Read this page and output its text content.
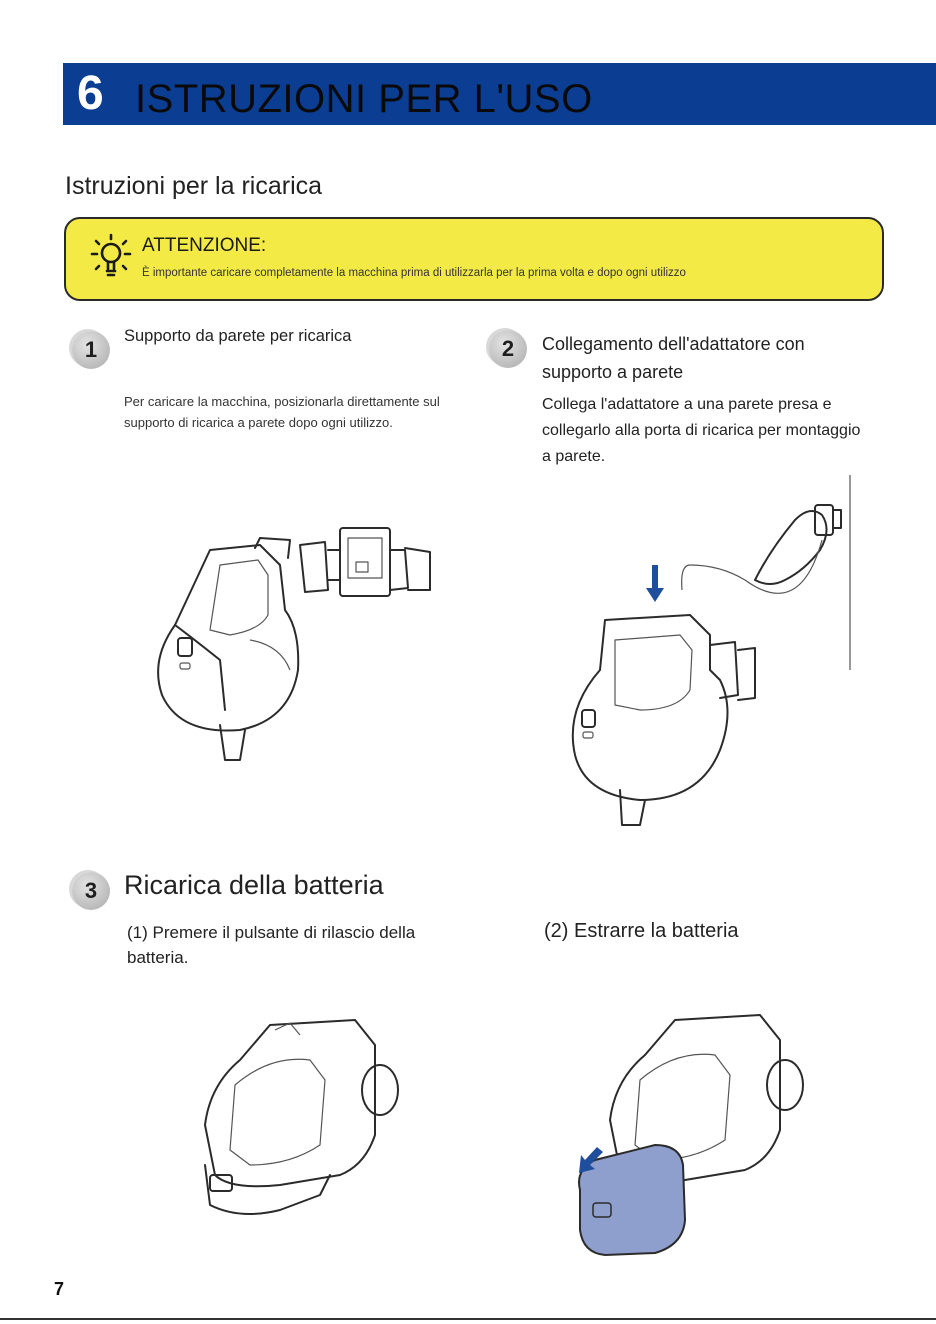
6 ISTRUZIONI PER L'USO
Istruzioni per la ricarica
ATTENZIONE:
È importante caricare completamente la macchina prima di utilizzarla per la prima volta e dopo ogni utilizzo
1
Supporto da parete per ricarica
Per caricare la macchina, posizionarla direttamente sul supporto di ricarica a parete dopo ogni utilizzo.
2	Collegamento dell'adattatore con supporto a parete
Collega l'adattatore a una parete presa e collegarlo alla porta di ricarica per montaggio a parete.
3 Ricarica della batteria
(1) Premere il pulsante di rilascio della batteria.
(2) Estrarre la batteria
7
